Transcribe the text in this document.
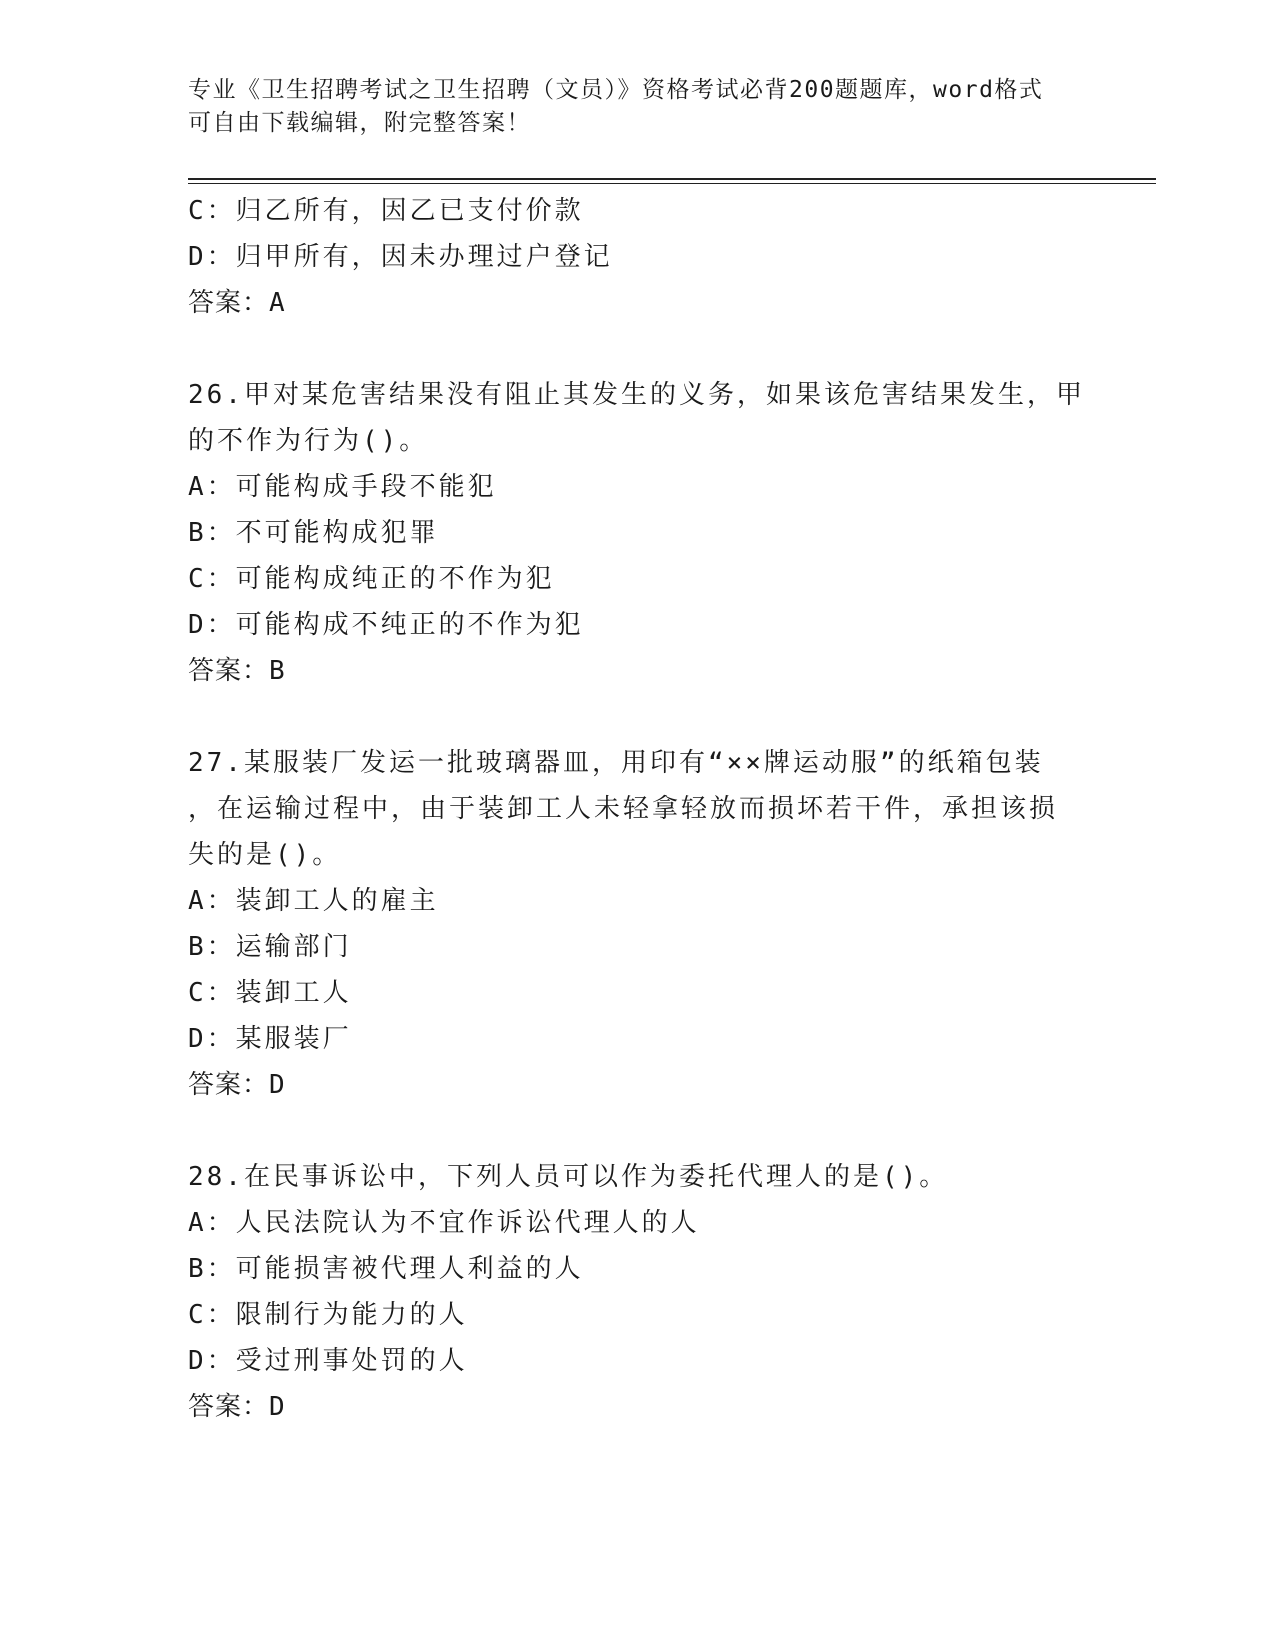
专业《卫生招聘考试之卫生招聘（文员）》资格考试必背200题题库，word格式
可自由下载编辑，附完整答案！
C：归乙所有，因乙已支付价款
D：归甲所有，因未办理过户登记
答案：A
26.甲对某危害结果没有阻止其发生的义务，如果该危害结果发生，甲
的不作为行为()。
A：可能构成手段不能犯
B：不可能构成犯罪
C：可能构成纯正的不作为犯
D：可能构成不纯正的不作为犯
答案：B
27.某服装厂发运一批玻璃器皿，用印有“××牌运动服”的纸箱包装
，在运输过程中，由于装卸工人未轻拿轻放而损坏若干件，承担该损
失的是()。
A：装卸工人的雇主
B：运输部门
C：装卸工人
D：某服装厂
答案：D
28.在民事诉讼中，下列人员可以作为委托代理人的是()。
A：人民法院认为不宜作诉讼代理人的人
B：可能损害被代理人利益的人
C：限制行为能力的人
D：受过刑事处罚的人
答案：D
